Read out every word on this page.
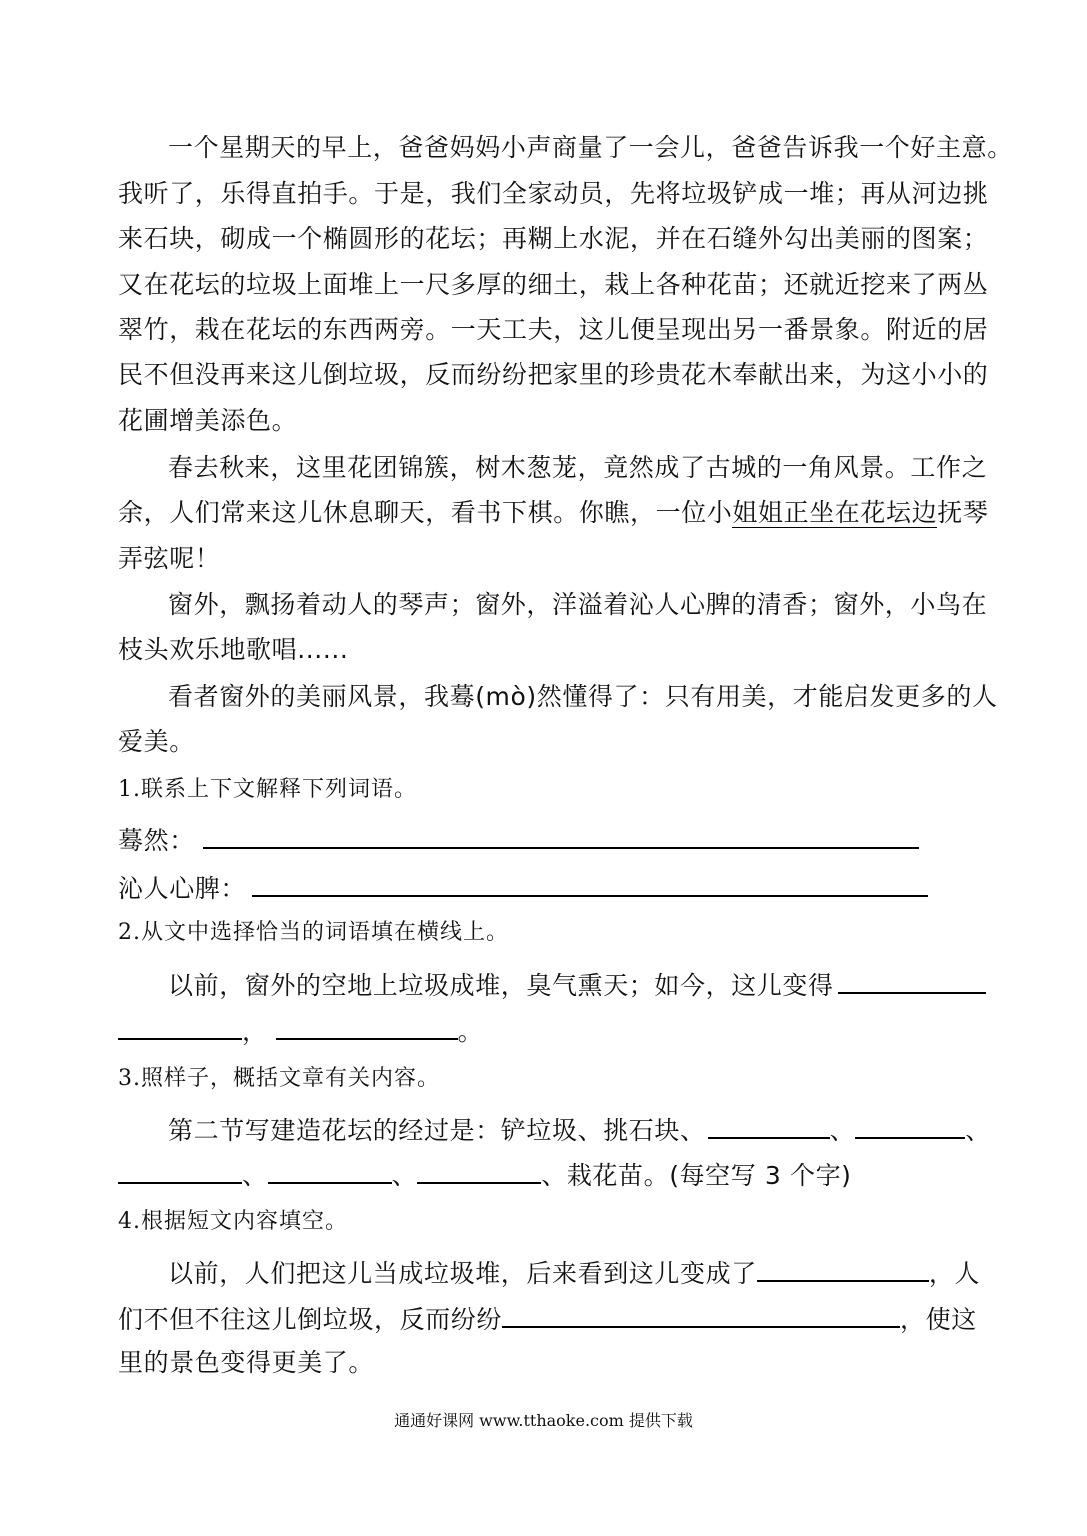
一个星期天的早上，爸爸妈妈小声商量了一会儿，爸爸告诉我一个好主意。
我听了，乐得直拍手。于是，我们全家动员，先将垃圾铲成一堆；再从河边挑
来石块，砌成一个椭圆形的花坛；再糊上水泥，并在石缝外勾出美丽的图案；
又在花坛的垃圾上面堆上一尺多厚的细土，栽上各种花苗；还就近挖来了两丛
翠竹，栽在花坛的东西两旁。一天工夫，这儿便呈现出另一番景象。附近的居
民不但没再来这儿倒垃圾，反而纷纷把家里的珍贵花木奉献出来，为这小小的
花圃增美添色。
春去秋来，这里花团锦簇，树木葱茏，竟然成了古城的一角风景。工作之
余，人们常来这儿休息聊天，看书下棋。你瞧，一位小姐姐正坐在花坛边抚琴
弄弦呢！
窗外，飘扬着动人的琴声；窗外，洋溢着沁人心脾的清香；窗外，小鸟在
枝头欢乐地歌唱......
看者窗外的美丽风景，我蓦(mò)然懂得了：只有用美，才能启发更多的人
爱美。
1.联系上下文解释下列词语。
蓦然：
沁人心脾：
2.从文中选择恰当的词语填在横线上。
以前，窗外的空地上垃圾成堆，臭气熏天；如今，这儿变得
，	。
3.照样子，概括文章有关内容。
第二节写建造花坛的经过是：铲垃圾、挑石块、	、	、
、	、	、栽花苗。(每空写 3 个字)
4.根据短文内容填空。
以前，人们把这儿当成垃圾堆，后来看到这儿变成了	，人
们不但不往这儿倒垃圾，反而纷纷	，使这
里的景色变得更美了。
通通好课网 www.tthaoke.com 提供下载
